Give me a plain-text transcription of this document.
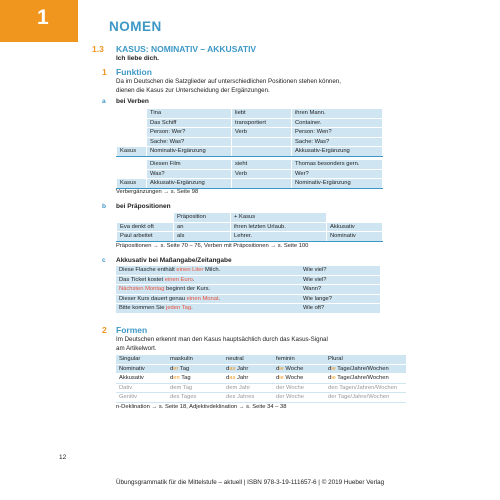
1	NOMEN
1.3 KASUS: NOMINATIV – AKKUSATIV
Ich liebe dich.
1 Funktion
Da im Deutschen die Satzglieder auf unterschiedlichen Positionen stehen können,
dienen die Kasus zur Unterscheidung der Ergänzungen.
a bei Verben
	Tina	liebt	ihren Mann.
	Das Schiff	transportiert	Container.
	Person: Wer?	Verb	Person: Wen?
	Sache: Was?		Sache: Was?
Kasus	Nominativ-Ergänzung		Akkusativ-Ergänzung
	Diesen Film	sieht	Thomas besonders gern.
	Was?	Verb	Wer?
Kasus	Akkusativ-Ergänzung		Nominativ-Ergänzung
Verbergänzungen → s. Seite 98
b bei Präpositionen
	Präposition	+ Kasus	
Eva denkt oft	an	ihren letzten Urlaub.	Akkusativ
Paul arbeitet	als	Lehrer.	Nominativ
Präpositionen → s. Seite 70 – 76, Verben mit Präpositionen → s. Seite 100
c Akkusativ bei Maßangabe/Zeitangabe
Diese Flasche enthält einen Liter Milch.	Wie viel?
Das Ticket kostet einen Euro.	Wie viel?
Nächsten Montag beginnt der Kurs.	Wann?
Dieser Kurs dauert genau einen Monat.	Wie lange?
Bitte kommen Sie jeden Tag.	Wie oft?
2 Formen
Im Deutschen erkennt man den Kasus hauptsächlich durch das Kasus-Signal
am Artikelwort.
Singular	maskulin	neutral	feminin	Plural
Nominativ	der Tag	das Jahr	die Woche	die Tage/Jahre/Wochen
Akkusativ	den Tag	das Jahr	die Woche	die Tage/Jahre/Wochen
Dativ	dem Tag	dem Jahr	der Woche	den Tagen/Jahren/Wochen
Genitiv	des Tages	des Jahres	der Woche	der Tage/Jahre/Wochen
n-Deklination → s. Seite 18, Adjektivdeklination → s. Seite 34 – 38
12
Übungsgrammatik für die Mittelstufe – aktuell | ISBN 978-3-19-111657-6 | © 2019 Hueber Verlag
